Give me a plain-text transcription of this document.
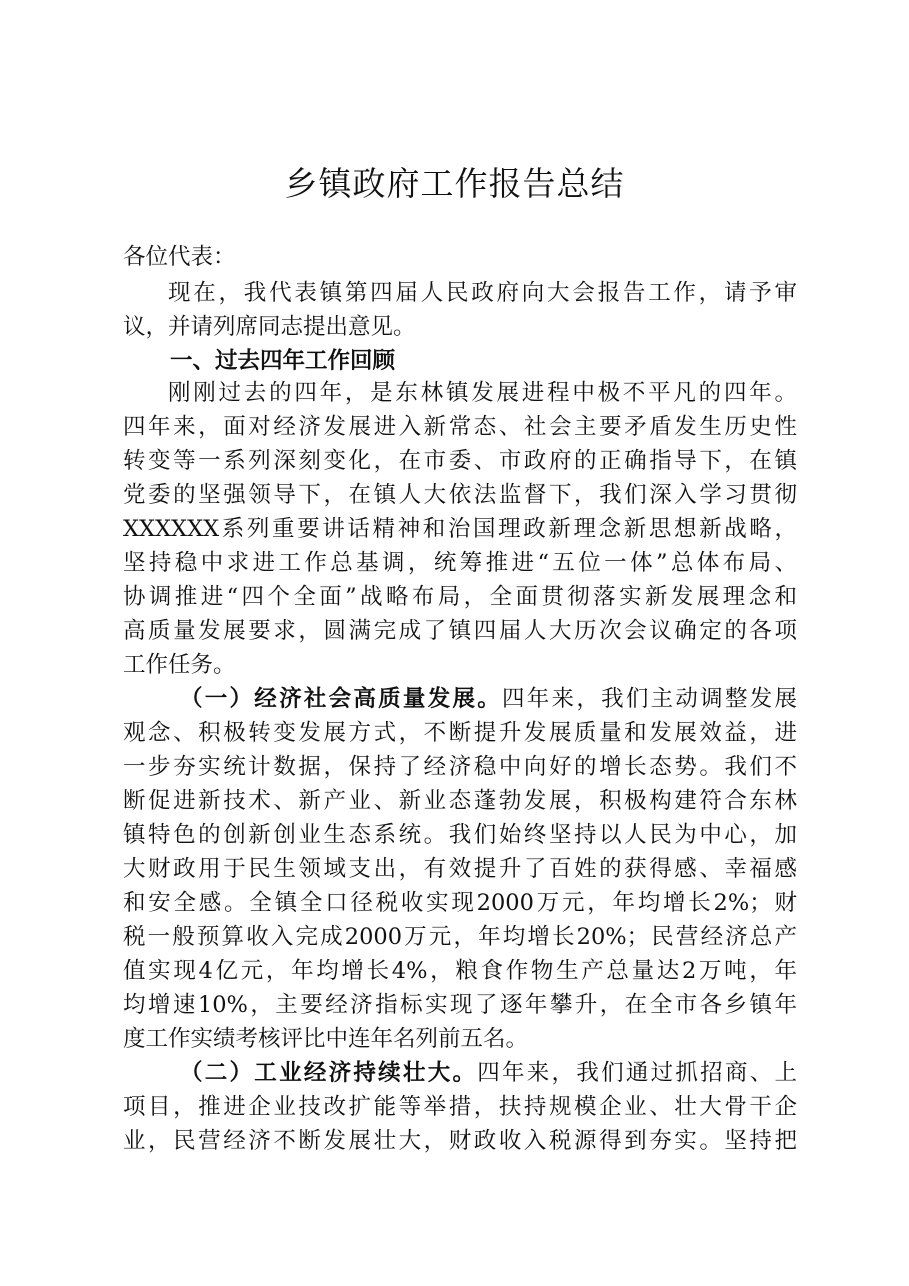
乡镇政府工作报告总结
各位代表：
现在，我代表镇第四届人民政府向大会报告工作，请予审
议，并请列席同志提出意见。
一、过去四年工作回顾
刚刚过去的四年，是东林镇发展进程中极不平凡的四年。
四年来，面对经济发展进入新常态、社会主要矛盾发生历史性
转变等一系列深刻变化，在市委、市政府的正确指导下，在镇
党委的坚强领导下，在镇人大依法监督下，我们深入学习贯彻
XXXXXX系列重要讲话精神和治国理政新理念新思想新战略，
坚持稳中求进工作总基调，统筹推进“五位一体”总体布局、
协调推进“四个全面”战略布局，全面贯彻落实新发展理念和
高质量发展要求，圆满完成了镇四届人大历次会议确定的各项
工作任务。
（一）经济社会高质量发展。四年来，我们主动调整发展
观念、积极转变发展方式，不断提升发展质量和发展效益，进
一步夯实统计数据，保持了经济稳中向好的增长态势。我们不
断促进新技术、新产业、新业态蓬勃发展，积极构建符合东林
镇特色的创新创业生态系统。我们始终坚持以人民为中心，加
大财政用于民生领域支出，有效提升了百姓的获得感、幸福感
和安全感。全镇全口径税收实现2000万元，年均增长2%；财
税一般预算收入完成2000万元，年均增长20%；民营经济总产
值实现4亿元，年均增长4%，粮食作物生产总量达2万吨，年
均增速10%，主要经济指标实现了逐年攀升，在全市各乡镇年
度工作实绩考核评比中连年名列前五名。
（二）工业经济持续壮大。四年来，我们通过抓招商、上
项目，推进企业技改扩能等举措，扶持规模企业、壮大骨干企
业，民营经济不断发展壮大，财政收入税源得到夯实。坚持把
